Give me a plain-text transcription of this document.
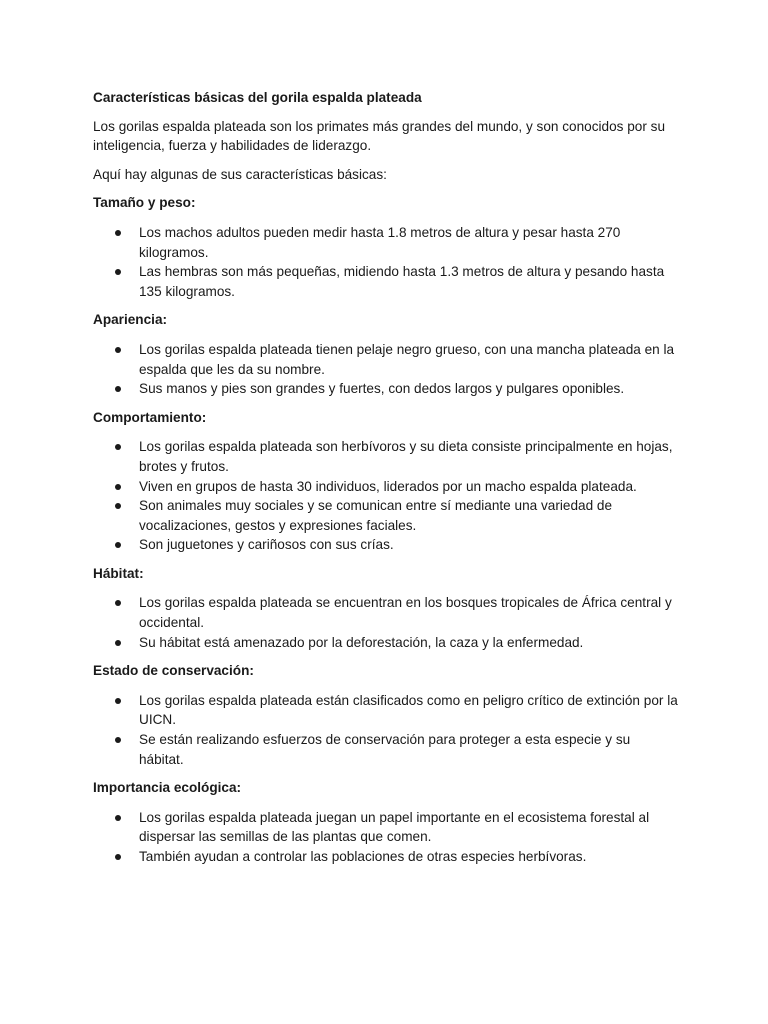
Características básicas del gorila espalda plateada

Los gorilas espalda plateada son los primates más grandes del mundo, y son conocidos por su inteligencia, fuerza y habilidades de liderazgo.

Aquí hay algunas de sus características básicas:

Tamaño y peso:
Los machos adultos pueden medir hasta 1.8 metros de altura y pesar hasta 270 kilogramos.
Las hembras son más pequeñas, midiendo hasta 1.3 metros de altura y pesando hasta 135 kilogramos.
Apariencia:
Los gorilas espalda plateada tienen pelaje negro grueso, con una mancha plateada en la espalda que les da su nombre.
Sus manos y pies son grandes y fuertes, con dedos largos y pulgares oponibles.
Comportamiento:
Los gorilas espalda plateada son herbívoros y su dieta consiste principalmente en hojas, brotes y frutos.
Viven en grupos de hasta 30 individuos, liderados por un macho espalda plateada.
Son animales muy sociales y se comunican entre sí mediante una variedad de vocalizaciones, gestos y expresiones faciales.
Son juguetones y cariñosos con sus crías.
Hábitat:
Los gorilas espalda plateada se encuentran en los bosques tropicales de África central y occidental.
Su hábitat está amenazado por la deforestación, la caza y la enfermedad.
Estado de conservación:
Los gorilas espalda plateada están clasificados como en peligro crítico de extinción por la UICN.
Se están realizando esfuerzos de conservación para proteger a esta especie y su hábitat.
Importancia ecológica:
Los gorilas espalda plateada juegan un papel importante en el ecosistema forestal al dispersar las semillas de las plantas que comen.
También ayudan a controlar las poblaciones de otras especies herbívoras.
